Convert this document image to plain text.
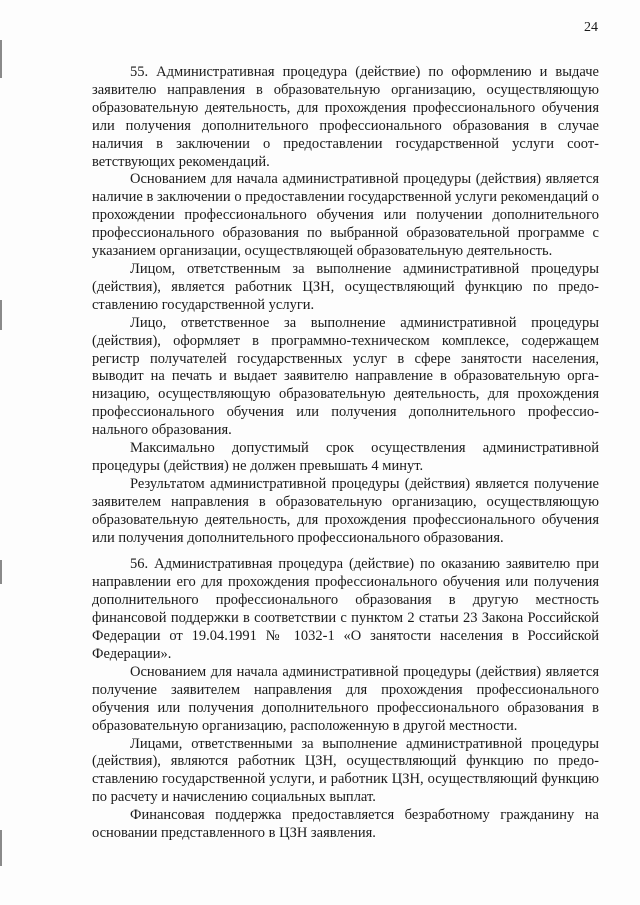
24

55. Административная процедура (действие) по оформлению и выдаче заявителю направления в образовательную организацию, осуществляющую образовательную деятельность, для прохождения профессионального обучения или получения дополнительного профессионального образования в случае наличия в заключении о предоставлении государственной услуги соответствующих рекомендаций.

Основанием для начала административной процедуры (действия) является наличие в заключении о предоставлении государственной услуги рекомендаций о прохождении профессионального обучения или получении дополнительного профессионального образования по выбранной образовательной программе с указанием организации, осуществляющей образовательную деятельность.

Лицом, ответственным за выполнение административной процедуры (действия), является работник ЦЗН, осуществляющий функцию по предоставлению государственной услуги.

Лицо, ответственное за выполнение административной процедуры (действия), оформляет в программно-техническом комплексе, содержащем регистр получателей государственных услуг в сфере занятости населения, выводит на печать и выдает заявителю направление в образовательную организацию, осуществляющую образовательную деятельность, для прохождения профессионального обучения или получения дополнительного профессионального образования.

Максимально допустимый срок осуществления административной процедуры (действия) не должен превышать 4 минут.

Результатом административной процедуры (действия) является получение заявителем направления в образовательную организацию, осуществляющую образовательную деятельность, для прохождения профессионального обучения или получения дополнительного профессионального образования.

56. Административная процедура (действие) по оказанию заявителю при направлении его для прохождения профессионального обучения или получения дополнительного профессионального образования в другую местность финансовой поддержки в соответствии с пунктом 2 статьи 23 Закона Российской Федерации от 19.04.1991 № 1032-1 «О занятости населения в Российской Федерации».

Основанием для начала административной процедуры (действия) является получение заявителем направления для прохождения профессионального обучения или получения дополнительного профессионального образования в образовательную организацию, расположенную в другой местности.

Лицами, ответственными за выполнение административной процедуры (действия), являются работник ЦЗН, осуществляющий функцию по предоставлению государственной услуги, и работник ЦЗН, осуществляющий функцию по расчету и начислению социальных выплат.

Финансовая поддержка предоставляется безработному гражданину на основании представленного в ЦЗН заявления.
